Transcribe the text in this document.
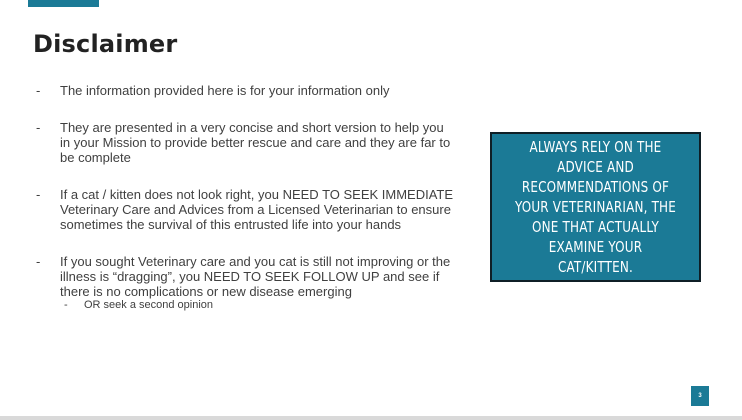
Disclaimer
- The information provided here is for your information only
- They are presented in a very concise and short version to help you in your Mission to provide better rescue and care and they are far to be complete
- If a cat / kitten does not look right, you NEED TO SEEK IMMEDIATE Veterinary Care and Advices from a Licensed Veterinarian to ensure sometimes the survival of this entrusted life into your hands
- If you sought Veterinary care and you cat is still not improving or the illness is “dragging”, you NEED TO SEEK FOLLOW UP and see if there is no complications or new disease emerging
- OR seek a second opinion
ALWAYS RELY ON THE ADVICE AND RECOMMENDATIONS OF YOUR VETERINARIAN, THE ONE THAT ACTUALLY EXAMINE YOUR CAT/KITTEN.
3
